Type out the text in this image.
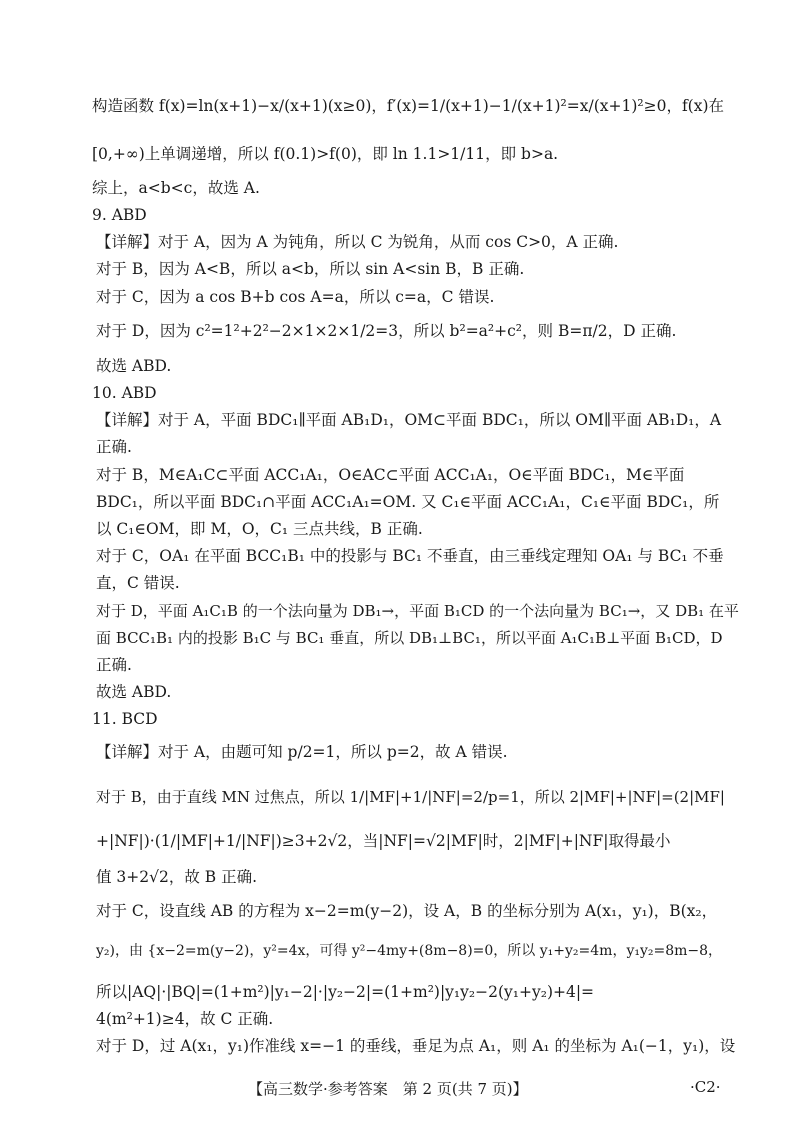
构造函数 f(x)=ln(x+1)−x/(x+1)(x≥0)，f′(x)=1/(x+1)−1/(x+1)²=x/(x+1)²≥0，f(x)在
[0,+∞)上单调递增，所以 f(0.1)>f(0)，即 ln 1.1>1/11，即 b>a.
综上，a<b<c，故选 A.
9. ABD
【详解】对于 A，因为 A 为钝角，所以 C 为锐角，从而 cos C>0，A 正确.
对于 B，因为 A<B，所以 a<b，所以 sin A<sin B，B 正确.
对于 C，因为 a cos B+b cos A=a，所以 c=a，C 错误.
对于 D，因为 c²=1²+2²−2×1×2×1/2=3，所以 b²=a²+c²，则 B=π/2，D 正确.
故选 ABD.
10. ABD
【详解】对于 A，平面 BDC₁∥平面 AB₁D₁，OM⊂平面 BDC₁，所以 OM∥平面 AB₁D₁，A
正确.
对于 B，M∈A₁C⊂平面 ACC₁A₁，O∈AC⊂平面 ACC₁A₁，O∈平面 BDC₁，M∈平面
BDC₁，所以平面 BDC₁∩平面 ACC₁A₁=OM. 又 C₁∈平面 ACC₁A₁，C₁∈平面 BDC₁，所
以 C₁∈OM，即 M，O，C₁ 三点共线，B 正确.
对于 C，OA₁ 在平面 BCC₁B₁ 中的投影与 BC₁ 不垂直，由三垂线定理知 OA₁ 与 BC₁ 不垂
直，C 错误.
对于 D，平面 A₁C₁B 的一个法向量为 DB₁→，平面 B₁CD 的一个法向量为 BC₁→，又 DB₁ 在平
面 BCC₁B₁ 内的投影 B₁C 与 BC₁ 垂直，所以 DB₁⊥BC₁，所以平面 A₁C₁B⊥平面 B₁CD，D
正确.
故选 ABD.
11. BCD
【详解】对于 A，由题可知 p/2=1，所以 p=2，故 A 错误.
对于 B，由于直线 MN 过焦点，所以 1/|MF|+1/|NF|=2/p=1，所以 2|MF|+|NF|=(2|MF|
+|NF|)·(1/|MF|+1/|NF|)≥3+2√2，当|NF|=√2|MF|时，2|MF|+|NF|取得最小
值 3+2√2，故 B 正确.
对于 C，设直线 AB 的方程为 x−2=m(y−2)，设 A，B 的坐标分别为 A(x₁，y₁)，B(x₂，
y₂)，由 {x−2=m(y−2)，y²=4x，可得 y²−4my+(8m−8)=0，所以 y₁+y₂=4m，y₁y₂=8m−8，
所以|AQ|·|BQ|=(1+m²)|y₁−2|·|y₂−2|=(1+m²)|y₁y₂−2(y₁+y₂)+4|=
4(m²+1)≥4，故 C 正确.
对于 D，过 A(x₁，y₁)作准线 x=−1 的垂线，垂足为点 A₁，则 A₁ 的坐标为 A₁(−1，y₁)，设
【高三数学·参考答案　第 2 页(共 7 页)】	·C2·
